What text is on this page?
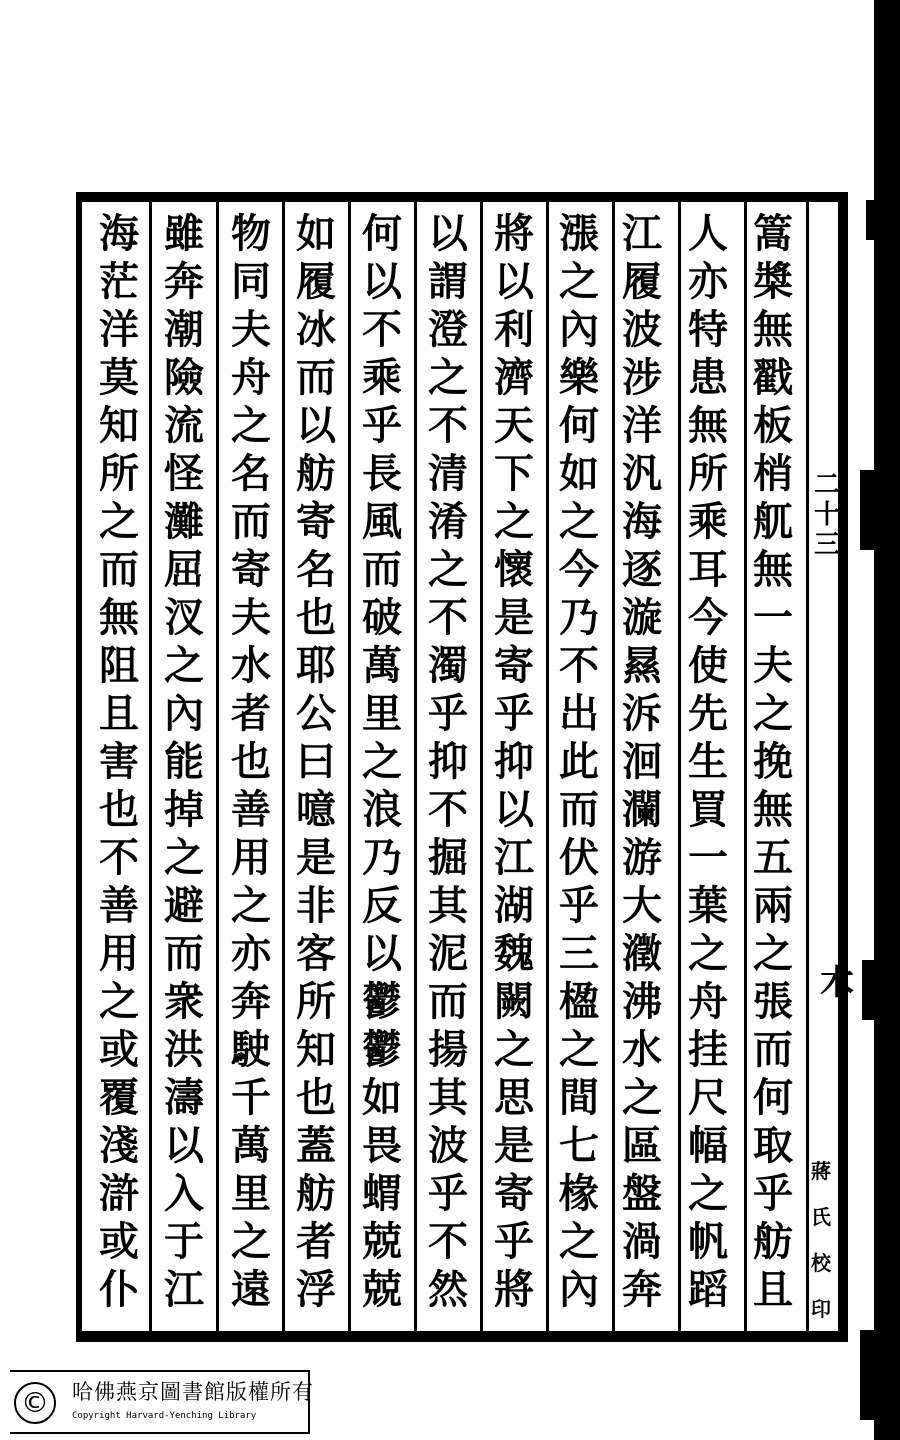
篙
槳
無
戳
板
梢
䑢
無
一
夫
之
挽
無
五
兩
之
張
而
何
取
乎
舫
且
人
亦
特
患
無
所
乘
耳
今
使
先
生
買
一
葉
之
舟
挂
尺
幅
之
帆
蹈
江
履
波
涉
洋
汎
海
逐
漩
㬎
泝
洄
瀾
游
大
瀓
沸
水
之
區
盤
渦
奔
漲
之
內
樂
何
如
之
今
乃
不
出
此
而
伏
乎
三
楹
之
間
七
椽
之
內
將
以
利
濟
天
下
之
懷
是
寄
乎
抑
以
江
湖
魏
闕
之
思
是
寄
乎
將
以
謂
澄
之
不
清
淆
之
不
濁
乎
抑
不
掘
其
泥
而
揚
其
波
乎
不
然
何
以
不
乘
乎
長
風
而
破
萬
里
之
浪
乃
反
以
鬱
鬱
如
畏
蝟
兢
兢
如
履
冰
而
以
舫
寄
名
也
耶
公
曰
噫
是
非
客
所
知
也
蓋
舫
者
浮
物
同
夫
舟
之
名
而
寄
夫
水
者
也
善
用
之
亦
奔
駛
千
萬
里
之
遠
雖
奔
潮
險
流
怪
灘
屈
汊
之
內
能
掉
之
避
而
衆
洪
濤
以
入
于
江
海
茫
洋
莫
知
所
之
而
無
阻
且
害
也
不
善
用
之
或
覆
淺
滸
或
仆
二
十
三
木
蔣
氏
校
印
©	哈佛燕京圖書館版權所有
Copyright Harvard-Yenching Library
